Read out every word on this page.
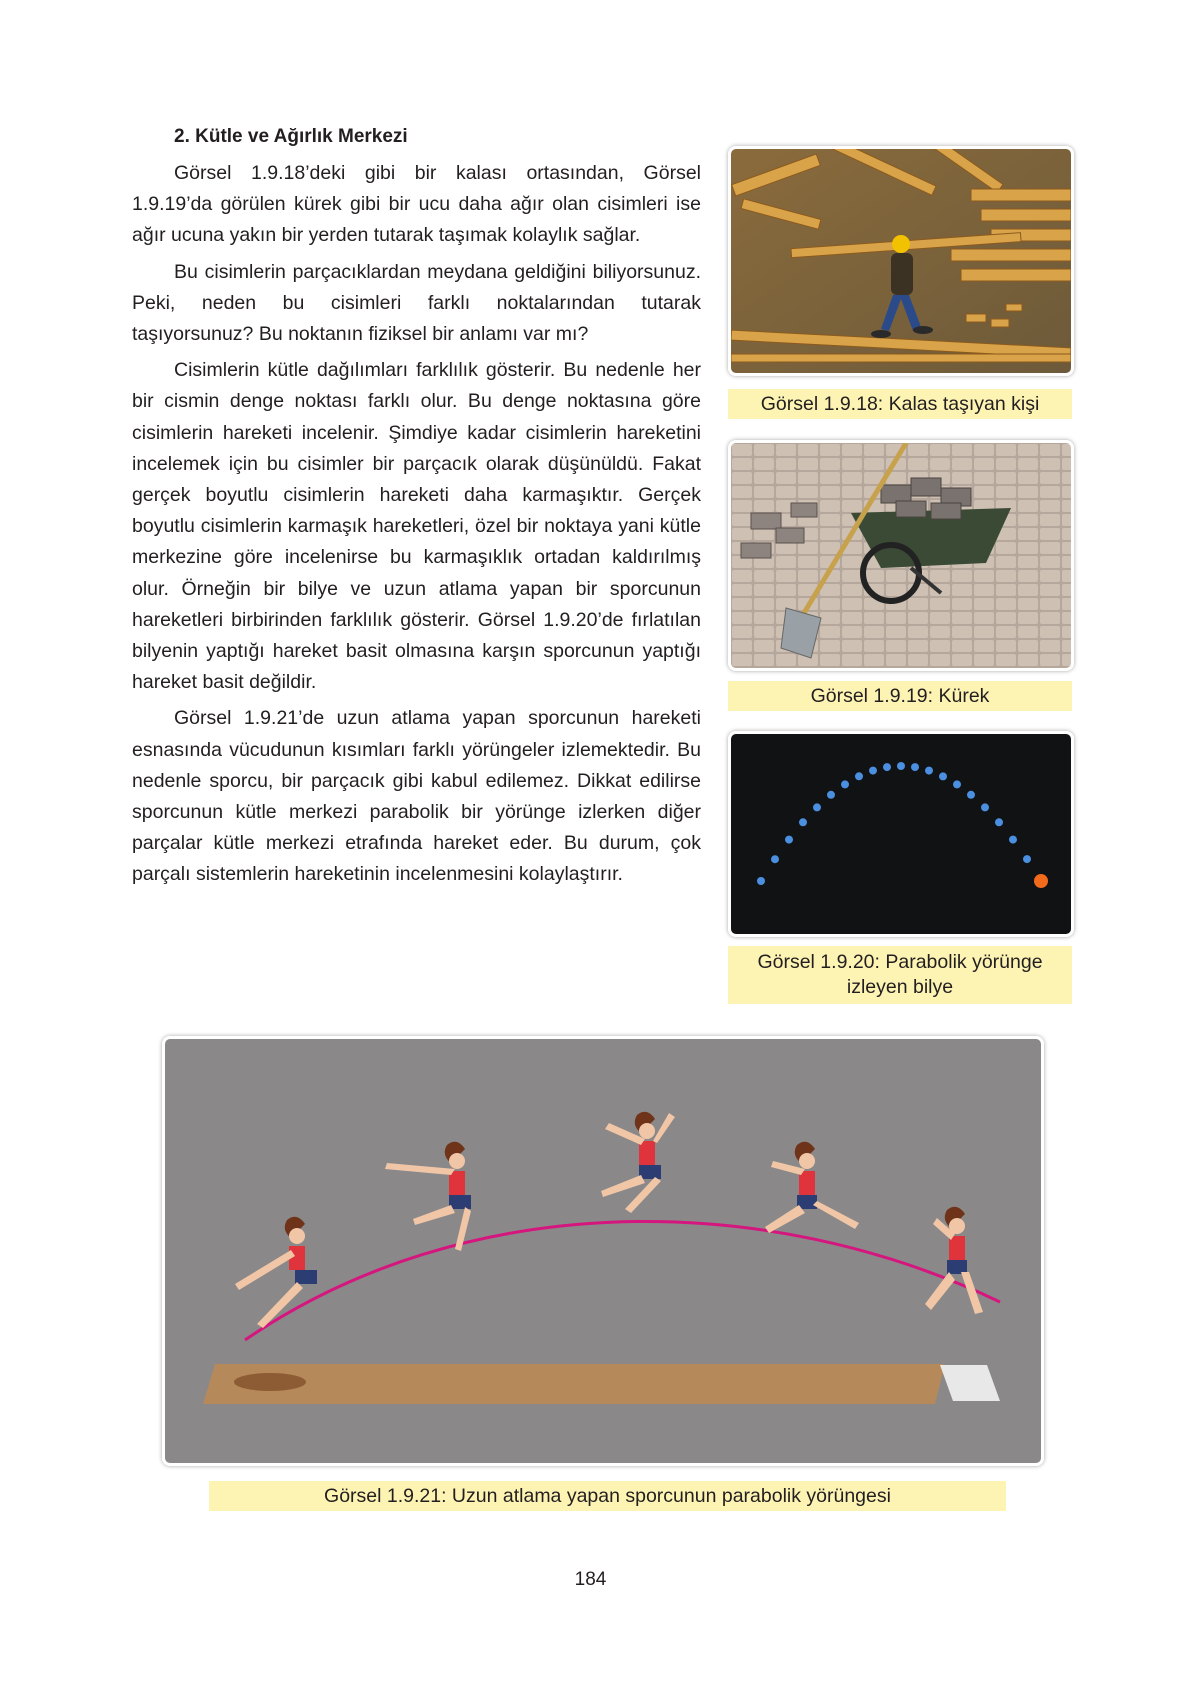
2. Kütle ve Ağırlık Merkezi

Görsel 1.9.18’deki gibi bir kalası ortasından, Görsel 1.9.19’da görülen kürek gibi bir ucu daha ağır olan cisimleri ise ağır ucuna yakın bir yerden tutarak taşımak kolaylık sağlar.

Bu cisimlerin parçacıklardan meydana geldiğini biliyorsunuz. Peki, neden bu cisimleri farklı noktalarından tutarak taşıyorsunuz? Bu noktanın fiziksel bir anlamı var mı?

Cisimlerin kütle dağılımları farklılık gösterir. Bu nedenle her bir cismin denge noktası farklı olur. Bu denge noktasına göre cisimlerin hareketi incelenir. Şimdiye kadar cisimlerin hareketini incelemek için bu cisimler bir parçacık olarak düşünüldü. Fakat gerçek boyutlu cisimlerin hareketi daha karmaşıktır. Gerçek boyutlu cisimlerin karmaşık hareketleri, özel bir noktaya yani kütle merkezine göre incelenirse bu karmaşıklık ortadan kaldırılmış olur. Örneğin bir bilye ve uzun atlama yapan bir sporcunun hareketleri birbirinden farklılık gösterir. Görsel 1.9.20’de fırlatılan bilyenin yaptığı hareket basit olmasına karşın sporcunun yaptığı hareket basit değildir.

Görsel 1.9.21’de uzun atlama yapan sporcunun hareketi esnasında vücudunun kısımları farklı yörüngeler izlemektedir. Bu nedenle sporcu, bir parçacık gibi kabul edilemez. Dikkat edilirse sporcunun kütle merkezi parabolik bir yörünge izlerken diğer parçalar kütle merkezi etrafında hareket eder. Bu durum, çok parçalı sistemlerin hareketinin incelenmesini kolaylaştırır.

Görsel 1.9.18: Kalas taşıyan kişi
Görsel 1.9.19: Kürek
Görsel 1.9.20: Parabolik yörünge izleyen bilye
Görsel 1.9.21: Uzun atlama yapan sporcunun parabolik yörüngesi
184
